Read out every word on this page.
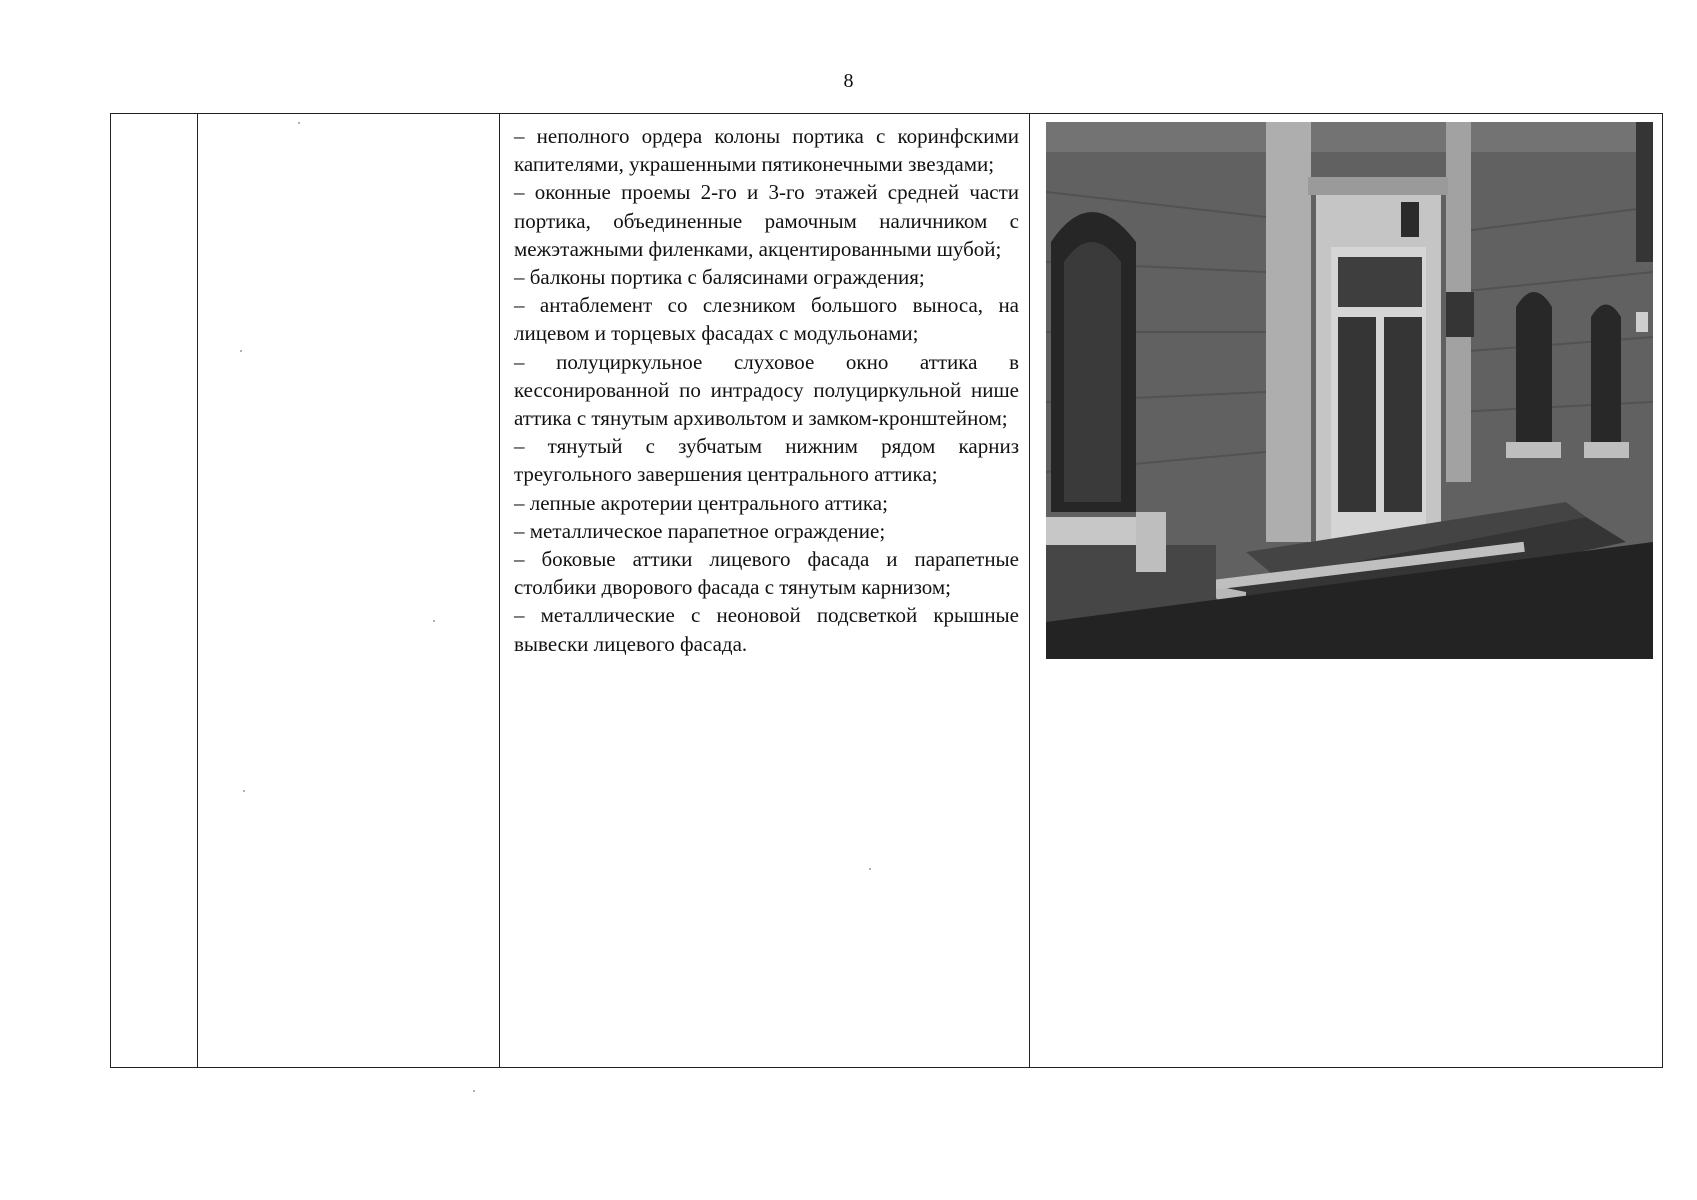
8

– неполного ордера колоны портика с коринфскими капителями, украшенными пятиконечными звездами;

– оконные проемы 2-го и 3-го этажей средней части портика, объединенные рамочным наличником с межэтажными филенками, акцентированными шубой;

– балконы портика с балясинами ограждения;

– антаблемент со слезником большого выноса, на лицевом и торцевых фасадах с модульонами;

– полуциркульное слуховое окно аттика в кессонированной по интрадосу полуциркульной нише аттика с тянутым архивольтом и замком-кронштейном;

– тянутый с зубчатым нижним рядом карниз треугольного завершения центрального аттика;

– лепные акротерии центрального аттика;

– металлическое парапетное ограждение;

– боковые аттики лицевого фасада и парапетные столбики дворового фасада с тянутым карнизом;

– металлические с неоновой подсветкой крышные вывески лицевого фасада.
